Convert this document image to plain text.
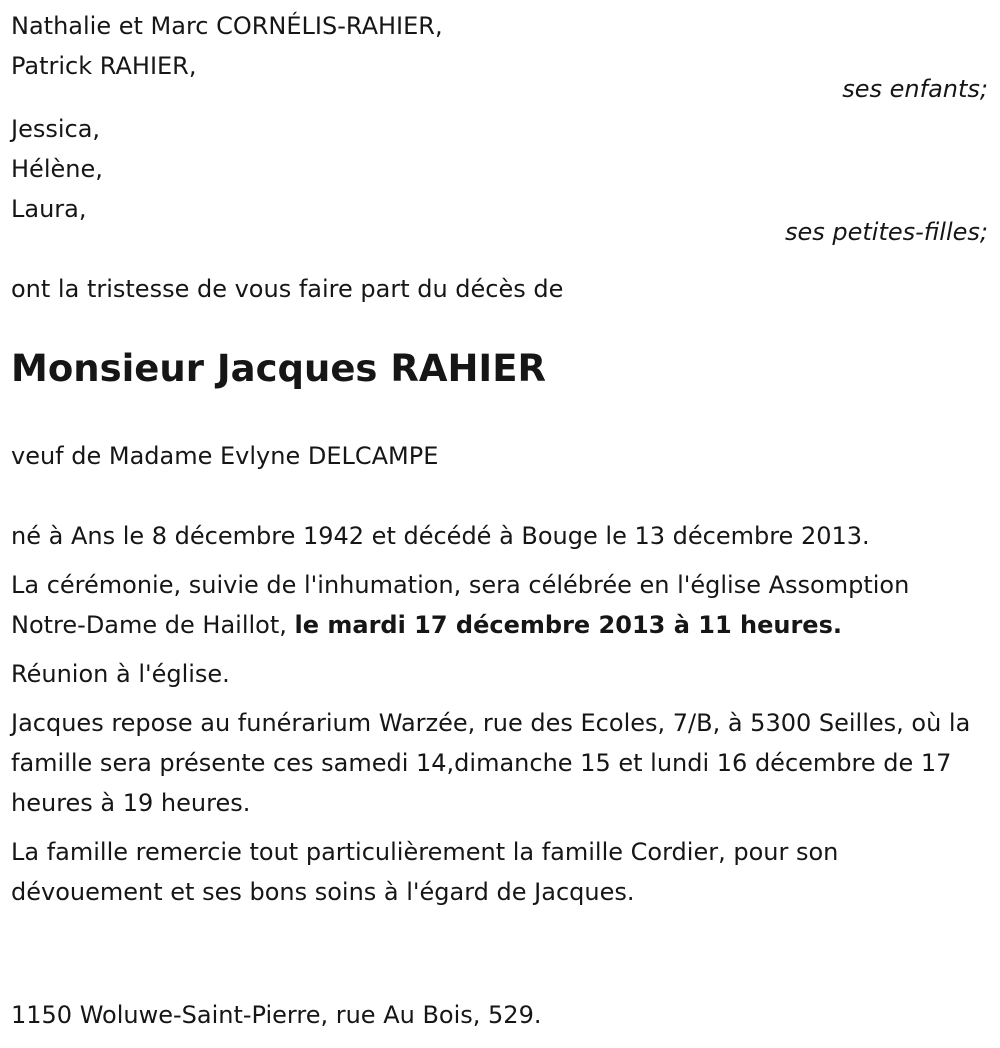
Nathalie et Marc CORNÉLIS-RAHIER,
Patrick RAHIER,
ses enfants;
Jessica,
Hélène,
Laura,
ses petites-filles;
ont la tristesse de vous faire part du décès de
Monsieur Jacques RAHIER
veuf de Madame Evlyne DELCAMPE

né à Ans le 8 décembre 1942 et décédé à Bouge le 13 décembre 2013.

La cérémonie, suivie de l'inhumation, sera célébrée en l'église Assomption Notre-Dame de Haillot, le mardi 17 décembre 2013 à 11 heures.

Réunion à l'église.

Jacques repose au funérarium Warzée, rue des Ecoles, 7/B, à 5300 Seilles, où la famille sera présente ces samedi 14,dimanche 15 et lundi 16 décembre de 17 heures à 19 heures.

La famille remercie tout particulièrement la famille Cordier, pour son dévouement et ses bons soins à l'égard de Jacques.

1150 Woluwe-Saint-Pierre, rue Au Bois, 529.
